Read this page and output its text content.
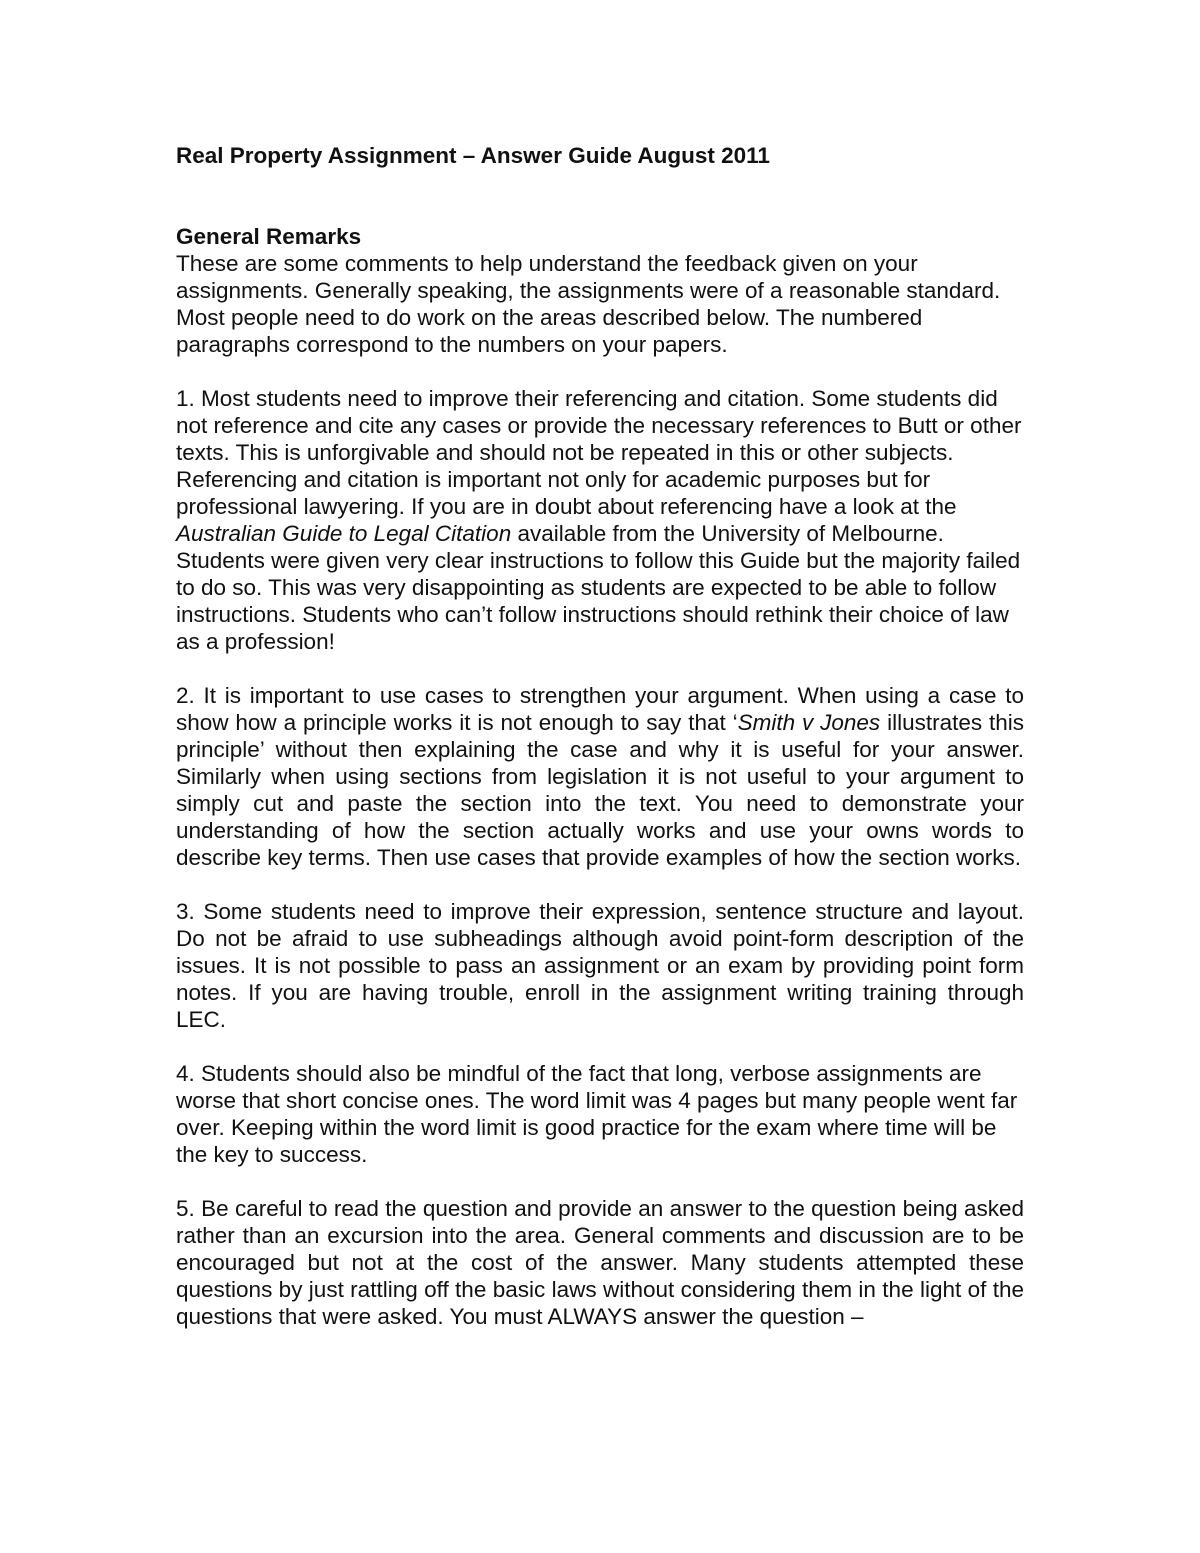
Real Property Assignment – Answer Guide August 2011
General Remarks

These are some comments to help understand the feedback given on your assignments. Generally speaking, the assignments were of a reasonable standard. Most people need to do work on the areas described below. The numbered paragraphs correspond to the numbers on your papers.

1. Most students need to improve their referencing and citation. Some students did not reference and cite any cases or provide the necessary references to Butt or other texts. This is unforgivable and should not be repeated in this or other subjects. Referencing and citation is important not only for academic purposes but for professional lawyering. If you are in doubt about referencing have a look at the Australian Guide to Legal Citation available from the University of Melbourne. Students were given very clear instructions to follow this Guide but the majority failed to do so. This was very disappointing as students are expected to be able to follow instructions. Students who can’t follow instructions should rethink their choice of law as a profession!

2. It is important to use cases to strengthen your argument. When using a case to show how a principle works it is not enough to say that ‘Smith v Jones illustrates this principle’ without then explaining the case and why it is useful for your answer. Similarly when using sections from legislation it is not useful to your argument to simply cut and paste the section into the text. You need to demonstrate your understanding of how the section actually works and use your owns words to describe key terms. Then use cases that provide examples of how the section works.

3. Some students need to improve their expression, sentence structure and layout. Do not be afraid to use subheadings although avoid point-form description of the issues. It is not possible to pass an assignment or an exam by providing point form notes. If you are having trouble, enroll in the assignment writing training through LEC.

4. Students should also be mindful of the fact that long, verbose assignments are worse that short concise ones. The word limit was 4 pages but many people went far over. Keeping within the word limit is good practice for the exam where time will be the key to success.

5. Be careful to read the question and provide an answer to the question being asked rather than an excursion into the area. General comments and discussion are to be encouraged but not at the cost of the answer. Many students attempted these questions by just rattling off the basic laws without considering them in the light of the questions that were asked. You must ALWAYS answer the question –
